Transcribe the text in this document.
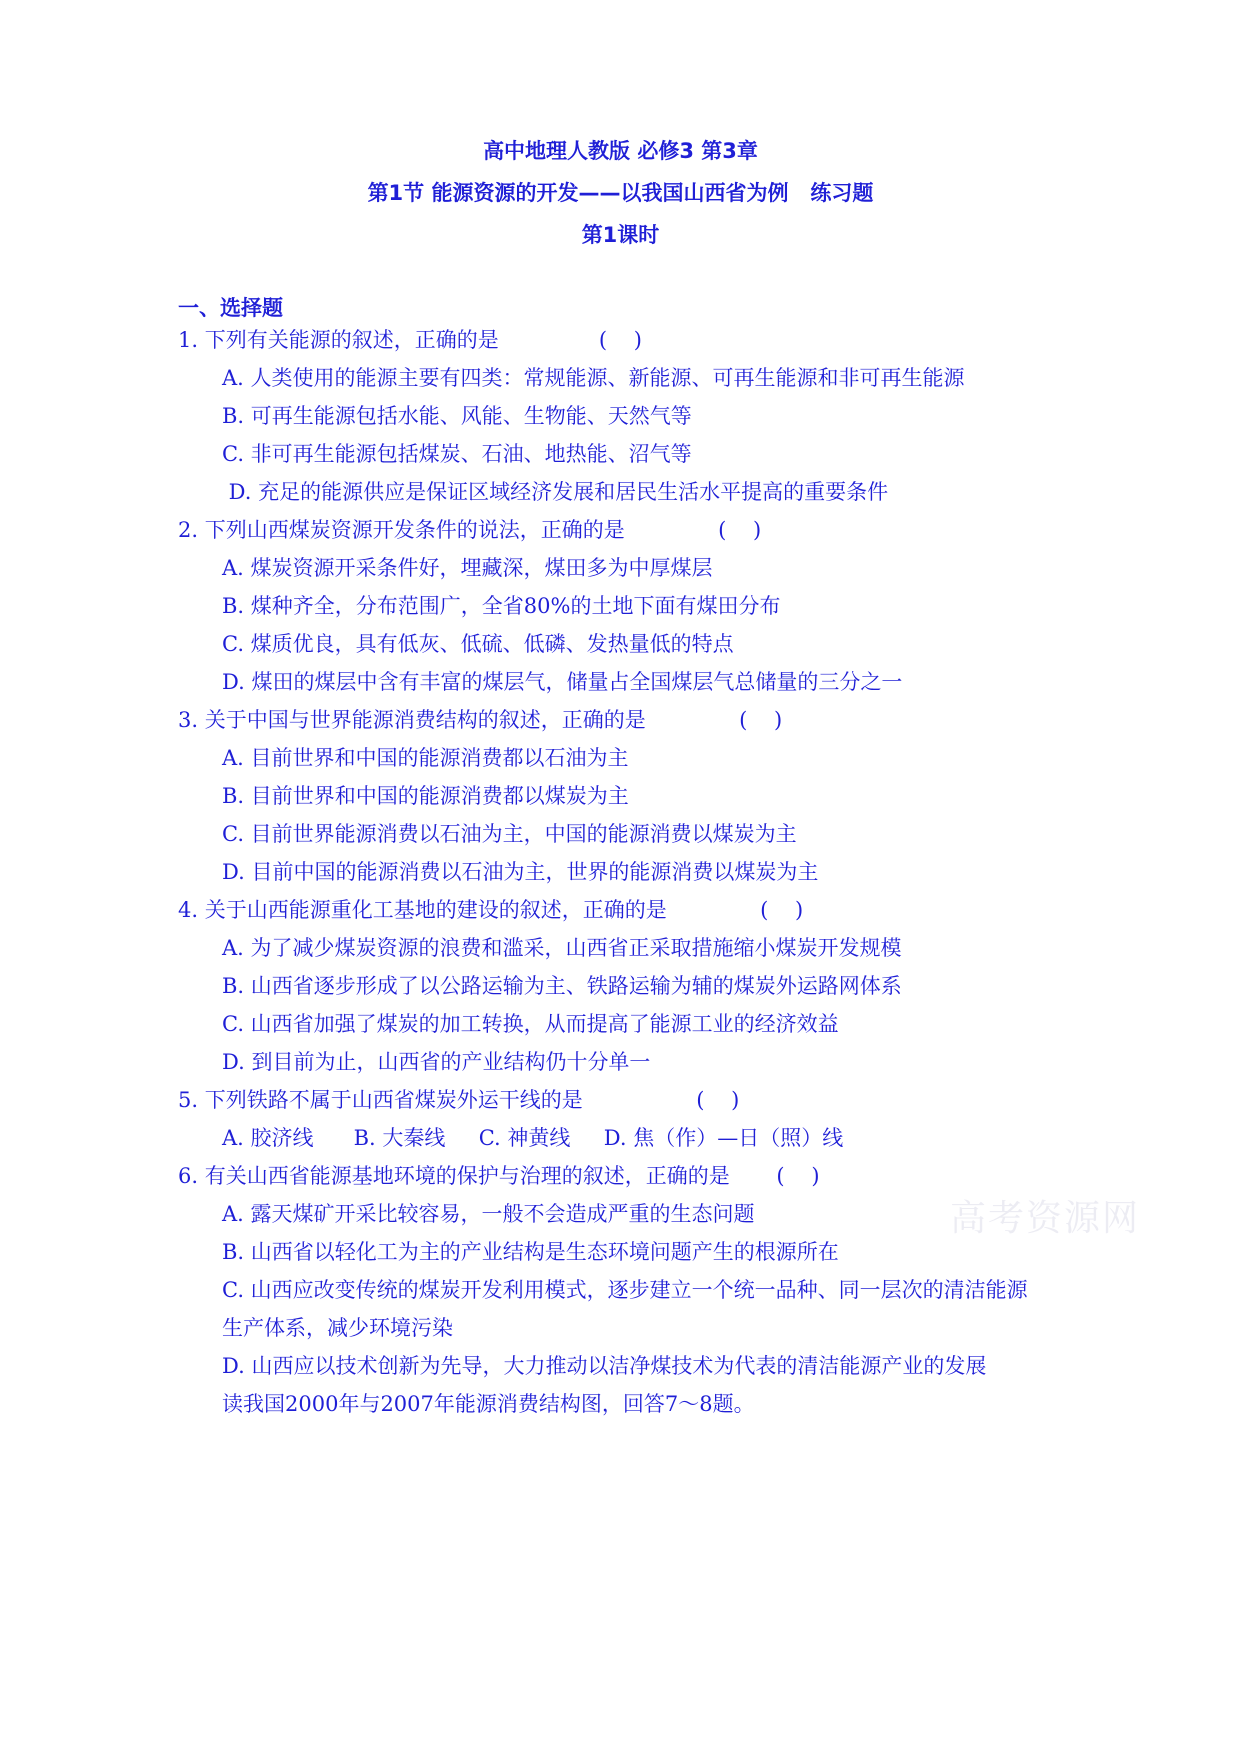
高中地理人教版 必修3 第3章
第1节 能源资源的开发——以我国山西省为例   练习题
第1课时
一、选择题
1. 下列有关能源的叙述，正确的是               (    )
A. 人类使用的能源主要有四类：常规能源、新能源、可再生能源和非可再生能源
B. 可再生能源包括水能、风能、生物能、天然气等
C. 非可再生能源包括煤炭、石油、地热能、沼气等
D. 充足的能源供应是保证区域经济发展和居民生活水平提高的重要条件
2. 下列山西煤炭资源开发条件的说法，正确的是              (    )
A. 煤炭资源开采条件好，埋藏深，煤田多为中厚煤层
B. 煤种齐全，分布范围广，全省80%的土地下面有煤田分布
C. 煤质优良，具有低灰、低硫、低磷、发热量低的特点
D. 煤田的煤层中含有丰富的煤层气，储量占全国煤层气总储量的三分之一
3. 关于中国与世界能源消费结构的叙述，正确的是              (    )
A. 目前世界和中国的能源消费都以石油为主
B. 目前世界和中国的能源消费都以煤炭为主
C. 目前世界能源消费以石油为主，中国的能源消费以煤炭为主
D. 目前中国的能源消费以石油为主，世界的能源消费以煤炭为主
4. 关于山西能源重化工基地的建设的叙述，正确的是              (    )
A. 为了减少煤炭资源的浪费和滥采，山西省正采取措施缩小煤炭开发规模
B. 山西省逐步形成了以公路运输为主、铁路运输为辅的煤炭外运路网体系
C. 山西省加强了煤炭的加工转换，从而提高了能源工业的经济效益
D. 到目前为止，山西省的产业结构仍十分单一
5. 下列铁路不属于山西省煤炭外运干线的是                 (    )
A. 胶济线      B. 大秦线     C. 神黄线     D. 焦（作）—日（照）线
6. 有关山西省能源基地环境的保护与治理的叙述，正确的是       (    )
A. 露天煤矿开采比较容易，一般不会造成严重的生态问题
B. 山西省以轻化工为主的产业结构是生态环境问题产生的根源所在
C. 山西应改变传统的煤炭开发利用模式，逐步建立一个统一品种、同一层次的清洁能源
生产体系，减少环境污染
D. 山西应以技术创新为先导，大力推动以洁净煤技术为代表的清洁能源产业的发展
读我国2000年与2007年能源消费结构图，回答7～8题。
高考资源网
